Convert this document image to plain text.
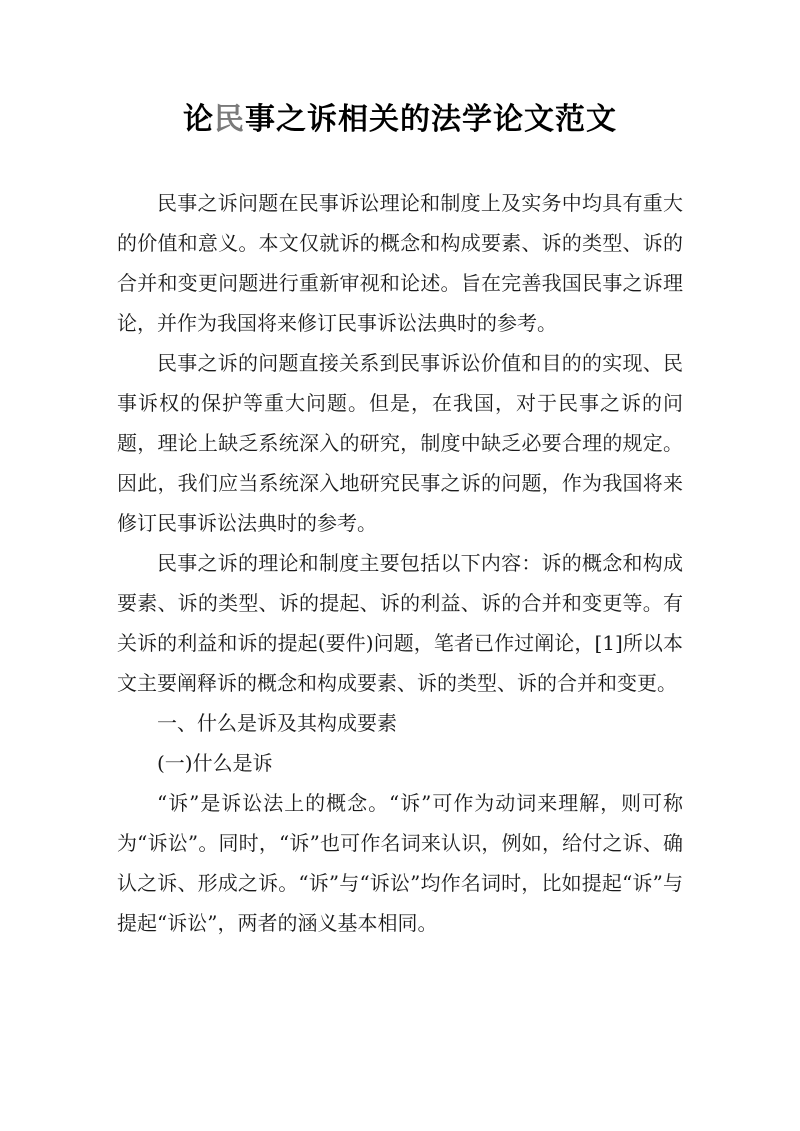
论民事之诉相关的法学论文范文

民事之诉问题在民事诉讼理论和制度上及实务中均具有重大的价值和意义。本文仅就诉的概念和构成要素、诉的类型、诉的合并和变更问题进行重新审视和论述。旨在完善我国民事之诉理论，并作为我国将来修订民事诉讼法典时的参考。

民事之诉的问题直接关系到民事诉讼价值和目的的实现、民事诉权的保护等重大问题。但是，在我国，对于民事之诉的问题，理论上缺乏系统深入的研究，制度中缺乏必要合理的规定。因此，我们应当系统深入地研究民事之诉的问题，作为我国将来修订民事诉讼法典时的参考。

民事之诉的理论和制度主要包括以下内容：诉的概念和构成要素、诉的类型、诉的提起、诉的利益、诉的合并和变更等。有关诉的利益和诉的提起(要件)问题，笔者已作过阐论，[1]所以本文主要阐释诉的概念和构成要素、诉的类型、诉的合并和变更。

一、什么是诉及其构成要素

(一)什么是诉

“诉”是诉讼法上的概念。“诉”可作为动词来理解，则可称为“诉讼”。同时，“诉”也可作名词来认识，例如，给付之诉、确认之诉、形成之诉。“诉”与“诉讼”均作名词时，比如提起“诉”与提起“诉讼”，两者的涵义基本相同。
